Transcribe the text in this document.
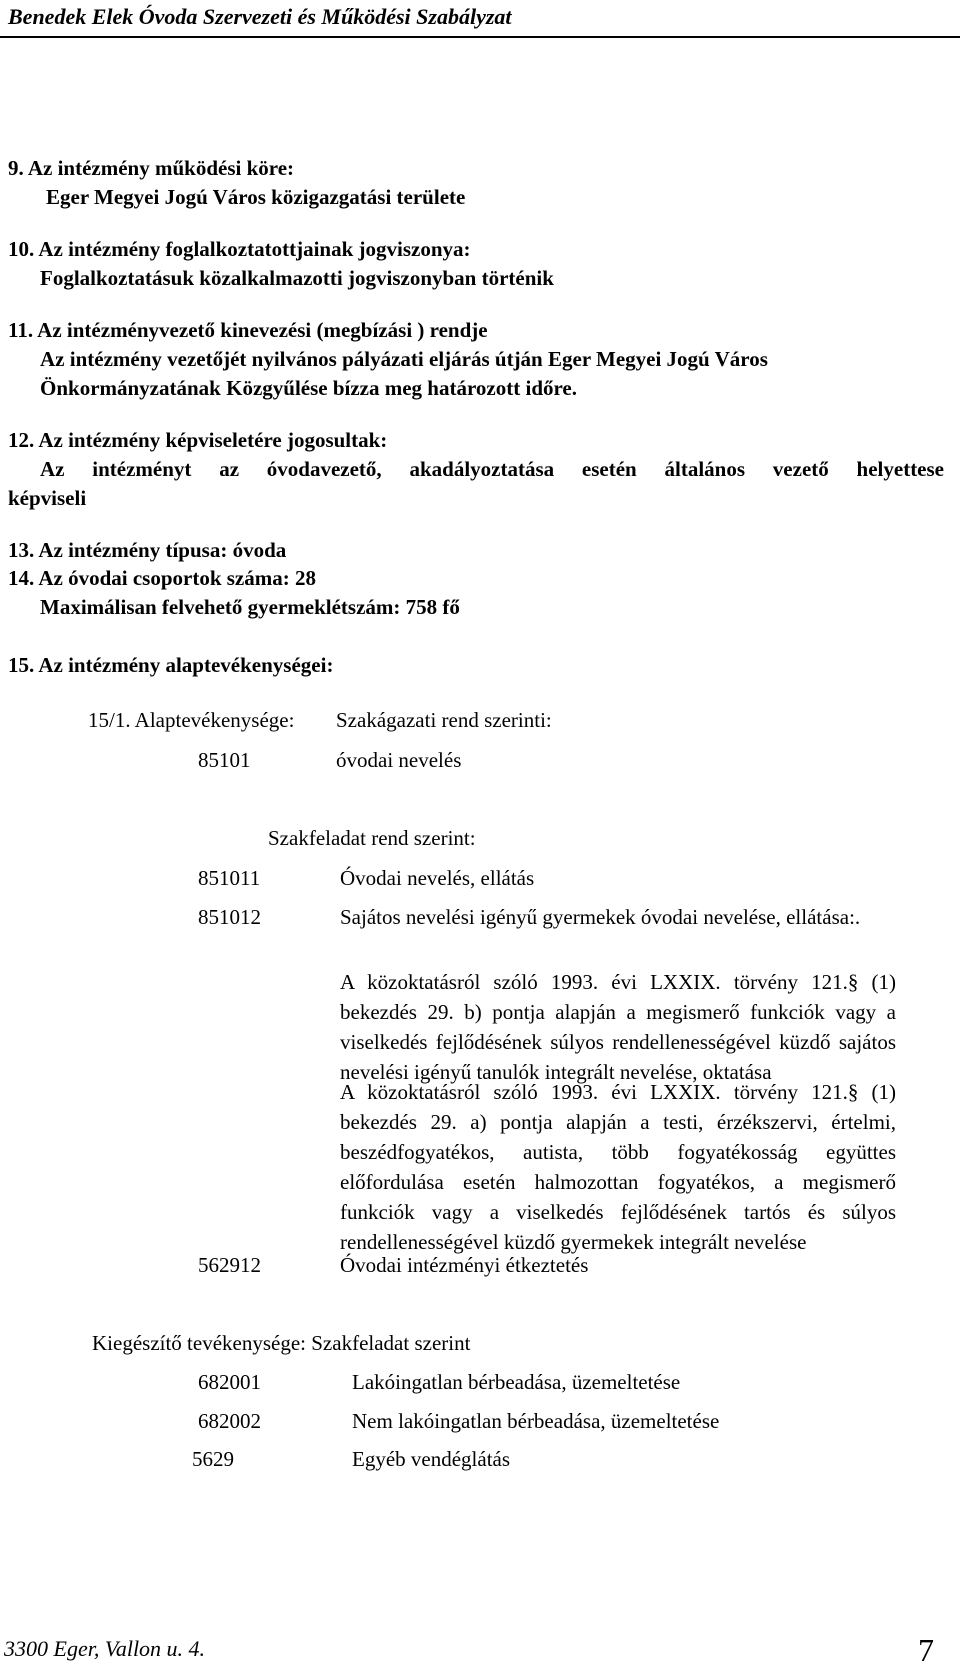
Benedek Elek Óvoda Szervezeti és Működési Szabályzat
9. Az intézmény működési köre:
Eger Megyei Jogú Város közigazgatási területe
10. Az intézmény foglalkoztatottjainak jogviszonya:
Foglalkoztatásuk közalkalmazotti jogviszonyban történik
11. Az intézményvezető kinevezési (megbízási ) rendje
Az intézmény vezetőjét nyilvános pályázati eljárás útján Eger Megyei Jogú Város
Önkormányzatának Közgyűlése bízza meg határozott időre.
12. Az intézmény képviseletére jogosultak:
Az intézményt az óvodavezető, akadályoztatása esetén általános vezető helyettese
képviseli
13. Az intézmény típusa: óvoda
14. Az óvodai csoportok száma: 28
Maximálisan felvehető gyermeklétszám: 758 fő
15. Az intézmény alaptevékenységei:
15/1. Alaptevékenysége: Szakágazati rend szerinti:
85101	óvodai nevelés
Szakfeladat rend szerint:
851011	Óvodai nevelés, ellátás
851012	Sajátos nevelési igényű gyermekek óvodai nevelése, ellátása:.
A közoktatásról szóló 1993. évi LXXIX. törvény 121.§ (1) bekezdés 29. b) pontja alapján a megismerő funkciók vagy a viselkedés fejlődésének súlyos rendellenességével küzdő sajátos nevelési igényű tanulók integrált nevelése, oktatása
A közoktatásról szóló 1993. évi LXXIX. törvény 121.§ (1) bekezdés 29. a) pontja alapján a testi, érzékszervi, értelmi, beszédfogyatékos, autista, több fogyatékosság együttes előfordulása esetén halmozottan fogyatékos, a megismerő funkciók vagy a viselkedés fejlődésének tartós és súlyos rendellenességével küzdő gyermekek integrált nevelése
562912	Óvodai intézményi étkeztetés
Kiegészítő tevékenysége: Szakfeladat szerint
682001	Lakóingatlan bérbeadása, üzemeltetése
682002	Nem lakóingatlan bérbeadása, üzemeltetése
5629	Egyéb vendéglátás
3300 Eger, Vallon u. 4.	7
